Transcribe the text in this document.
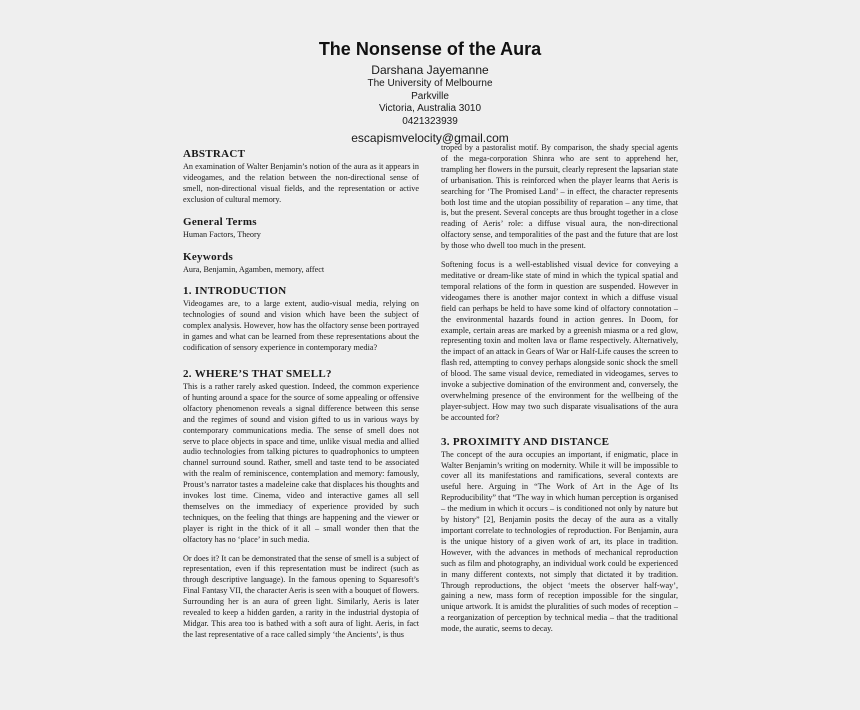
The Nonsense of the Aura
Darshana Jayemanne
The University of Melbourne
Parkville
Victoria, Australia 3010
0421323939
escapismvelocity@gmail.com
ABSTRACT

An examination of Walter Benjamin’s notion of the aura as it appears in videogames, and the relation between the non-directional sense of smell, non-directional visual fields, and the representation or active exclusion of cultural memory.

General Terms

Human Factors, Theory

Keywords

Aura, Benjamin, Agamben, memory, affect

1. INTRODUCTION

Videogames are, to a large extent, audio-visual media, relying on technologies of sound and vision which have been the subject of complex analysis. However, how has the olfactory sense been portrayed in games and what can be learned from these representations about the codification of sensory experience in contemporary media?

2. WHERE’S THAT SMELL?

This is a rather rarely asked question. Indeed, the common experience of hunting around a space for the source of some appealing or offensive olfactory phenomenon reveals a signal difference between this sense and the regimes of sound and vision gifted to us in various ways by contemporary communications media. The sense of smell does not serve to place objects in space and time, unlike visual media and allied audio technologies from talking pictures to quadrophonics to umpteen channel surround sound. Rather, smell and taste tend to be associated with the realm of reminiscence, contemplation and memory: famously, Proust’s narrator tastes a madeleine cake that displaces his thoughts and invokes lost time. Cinema, video and interactive games all sell themselves on the immediacy of experience provided by such techniques, on the feeling that things are happening and the viewer or player is right in the thick of it all – small wonder then that the olfactory has no ‘place’ in such media.

Or does it? It can be demonstrated that the sense of smell is a subject of representation, even if this representation must be indirect (such as through descriptive language). In the famous opening to Squaresoft’s Final Fantasy VII, the character Aeris is seen with a bouquet of flowers. Surrounding her is an aura of green light. Similarly, Aeris is later revealed to keep a hidden garden, a rarity in the industrial dystopia of Midgar. This area too is bathed with a soft aura of light. Aeris, in fact the last representative of a race called simply ‘the Ancients’, is thus

troped by a pastoralist motif. By comparison, the shady special agents of the mega-corporation Shinra who are sent to apprehend her, trampling her flowers in the pursuit, clearly represent the lapsarian state of urbanisation. This is reinforced when the player learns that Aeris is searching for ‘The Promised Land’ – in effect, the character represents both lost time and the utopian possibility of reparation – any time, that is, but the present. Several concepts are thus brought together in a close reading of Aeris’ role: a diffuse visual aura, the non-directional olfactory sense, and temporalities of the past and the future that are lost by those who dwell too much in the present.

Softening focus is a well-established visual device for conveying a meditative or dream-like state of mind in which the typical spatial and temporal relations of the form in question are suspended. However in videogames there is another major context in which a diffuse visual field can perhaps be held to have some kind of olfactory connotation – the environmental hazards found in action genres. In Doom, for example, certain areas are marked by a greenish miasma or a red glow, representing toxin and molten lava or flame respectively. Alternatively, the impact of an attack in Gears of War or Half-Life causes the screen to flash red, attempting to convey perhaps alongside sonic shock the smell of blood. The same visual device, remediated in videogames, serves to invoke a subjective domination of the environment and, conversely, the overwhelming presence of the environment for the wellbeing of the player-subject. How may two such disparate visualisations of the aura be accounted for?

3. PROXIMITY AND DISTANCE

The concept of the aura occupies an important, if enigmatic, place in Walter Benjamin’s writing on modernity. While it will be impossible to cover all its manifestations and ramifications, several contexts are useful here. Arguing in “The Work of Art in the Age of Its Reproducibility” that “The way in which human perception is organised – the medium in which it occurs – is conditioned not only by nature but by history” [2], Benjamin posits the decay of the aura as a vitally important correlate to technologies of reproduction. For Benjamin, aura is the unique history of a given work of art, its place in tradition. However, with the advances in methods of mechanical reproduction such as film and photography, an individual work could be experienced in many different contexts, not simply that dictated it by tradition. Through reproductions, the object ‘meets the observer half-way’, gaining a new, mass form of reception impossible for the singular, unique artwork. It is amidst the pluralities of such modes of reception – a reorganization of perception by technical media – that the traditional mode, the auratic, seems to decay.
